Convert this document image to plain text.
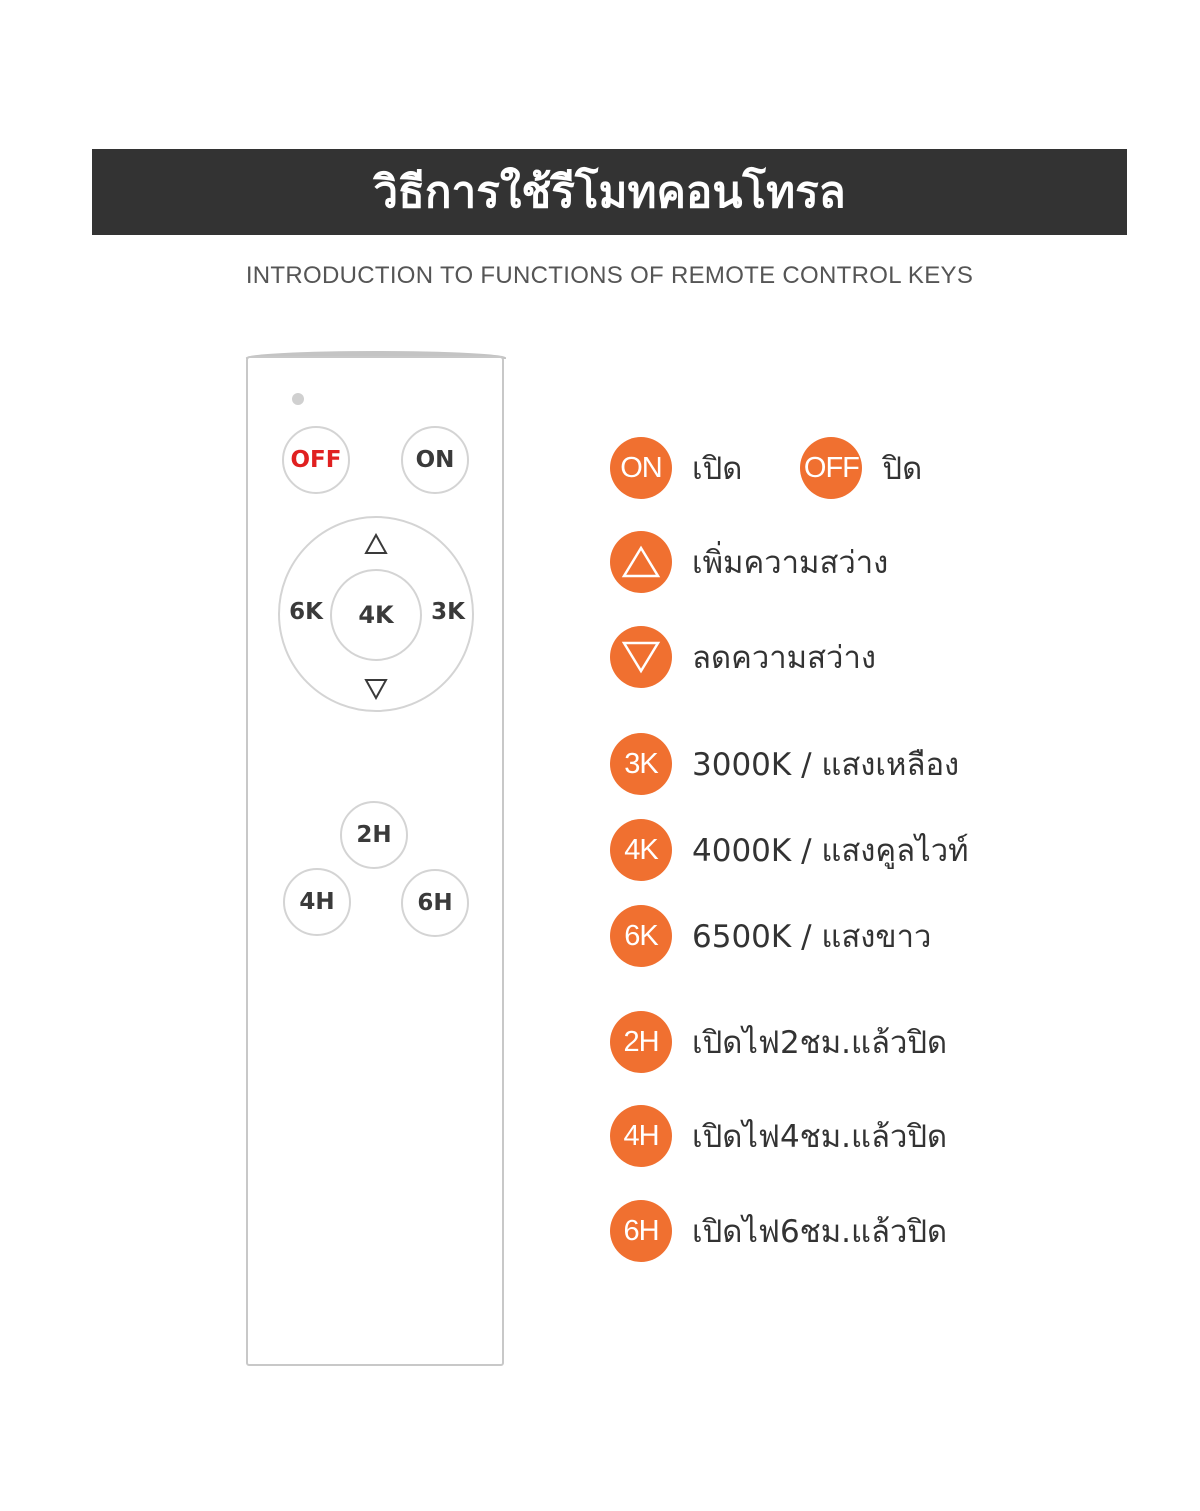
วิธีการใช้รีโมทคอนโทรล
INTRODUCTION TO FUNCTIONS OF REMOTE CONTROL KEYS
OFF	ON
6K	3K
4K
2H
4H	6H
ON เปิด OFF ปิด
เพิ่มความสว่าง
ลดความสว่าง
3K	3000K / แสงเหลือง
4K	4000K / แสงคูลไวท์
6K	6500K / แสงขาว
2H	เปิดไฟ2ชม.แล้วปิด
4H	เปิดไฟ4ชม.แล้วปิด
6H	เปิดไฟ6ชม.แล้วปิด
